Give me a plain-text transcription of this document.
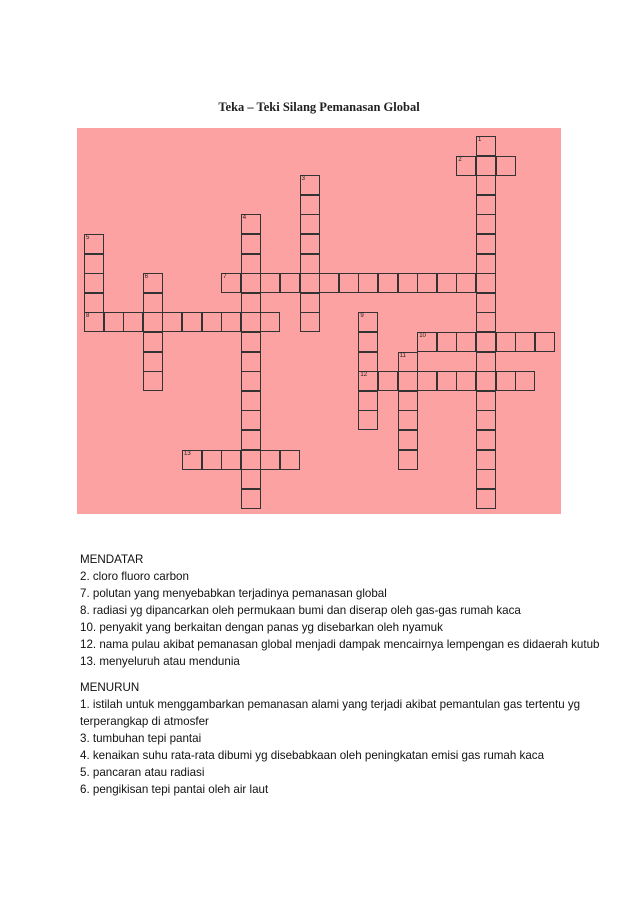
Teka – Teki Silang Pemanasan Global
1
2
3
4
5
8
6	7
9
12
10
11
13

MENDATAR

2. cloro fluoro carbon

7. polutan yang menyebabkan terjadinya pemanasan global

8. radiasi yg dipancarkan oleh permukaan bumi dan diserap oleh gas-gas rumah kaca

10. penyakit yang berkaitan dengan panas yg disebarkan oleh nyamuk

12. nama pulau akibat pemanasan global menjadi dampak mencairnya lempengan es didaerah kutub

13. menyeluruh atau mendunia

MENURUN

1. istilah untuk menggambarkan pemanasan alami yang terjadi akibat pemantulan gas tertentu yg

terperangkap di atmosfer

3. tumbuhan tepi pantai

4. kenaikan suhu rata-rata dibumi yg disebabkaan oleh peningkatan emisi gas rumah kaca

5. pancaran atau radiasi

6. pengikisan tepi pantai oleh air laut
